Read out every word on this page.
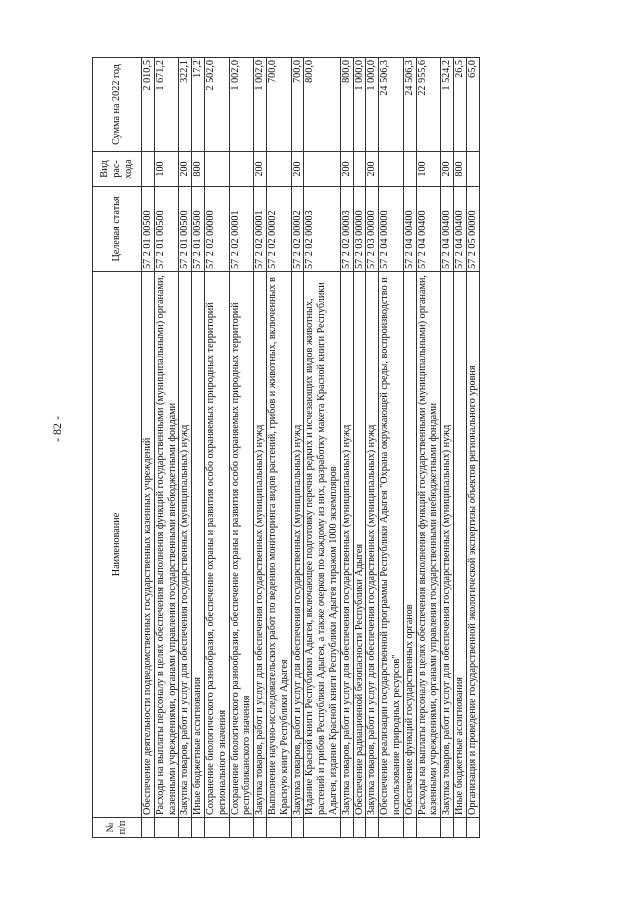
- 82 -
№ п/п	Наименование	Целевая статья	Вид рас-хода	Сумма на 2022 год
	Обеспечение деятельности подведомственных государственных казенных учреждений	57 2 01 00500		2 010,5
	Расходы на выплаты персоналу в целях обеспечения выполнения функций государственными (муниципальными) органами, казенными учреждениями, органами управления государственными внебюджетными фондами	57 2 01 00500	100	1 671,2
	Закупка товаров, работ и услуг для обеспечения государственных (муниципальных) нужд	57 2 01 00500	200	322,1
	Иные бюджетные ассигнования	57 2 01 00500	800	17,2
	Сохранение биологического разнообразия, обеспечение охраны и развития особо охраняемых природных территорий регионального значения	57 2 02 00000		2 502,0
	Сохранение биологического разнообразия, обеспечение охраны и развития особо охраняемых природных территорий республиканского значения	57 2 02 00001		1 002,0
	Закупка товаров, работ и услуг для обеспечения государственных (муниципальных) нужд	57 2 02 00001	200	1 002,0
	Выполнение научно-исследовательских работ по ведению мониторинга видов растений, грибов и животных, включенных в Красную книгу Республики Адыгея	57 2 02 00002		700,0
	Закупка товаров, работ и услуг для обеспечения государственных (муниципальных) нужд	57 2 02 00002	200	700,0
	Издание Красной книги Республики Адыгея, включающее подготовку перечня редких и исчезающих видов животных, растений и грибов Республики Адыгея, а также очерков по каждому из них, разработку макета Красной книги Республики Адыгея, издание Красной книги Республики Адыгея тиражом 1000 экземпляров	57 2 02 00003		800,0
	Закупка товаров, работ и услуг для обеспечения государственных (муниципальных) нужд	57 2 02 00003	200	800,0
	Обеспечение радиационной безопасности Республики Адыгея	57 2 03 00000		1 000,0
	Закупка товаров, работ и услуг для обеспечения государственных (муниципальных) нужд	57 2 03 00000	200	1 000,0
	Обеспечение реализации государственной программы Республики Адыгея "Охрана окружающей среды, воспроизводство и использование природных ресурсов"	57 2 04 00000		24 506,3
	Обеспечение функций государственных органов	57 2 04 00400		24 506,3
	Расходы на выплаты персоналу в целях обеспечения выполнения функций государственными (муниципальными) органами, казенными учреждениями, органами управления государственными внебюджетными фондами	57 2 04 00400	100	22 955,6
	Закупка товаров, работ и услуг для обеспечения государственных (муниципальных) нужд	57 2 04 00400	200	1 524,2
	Иные бюджетные ассигнования	57 2 04 00400	800	26,5
	Организация и проведение государственной экологической экспертизы объектов регионального уровня	57 2 05 00000		65,0
